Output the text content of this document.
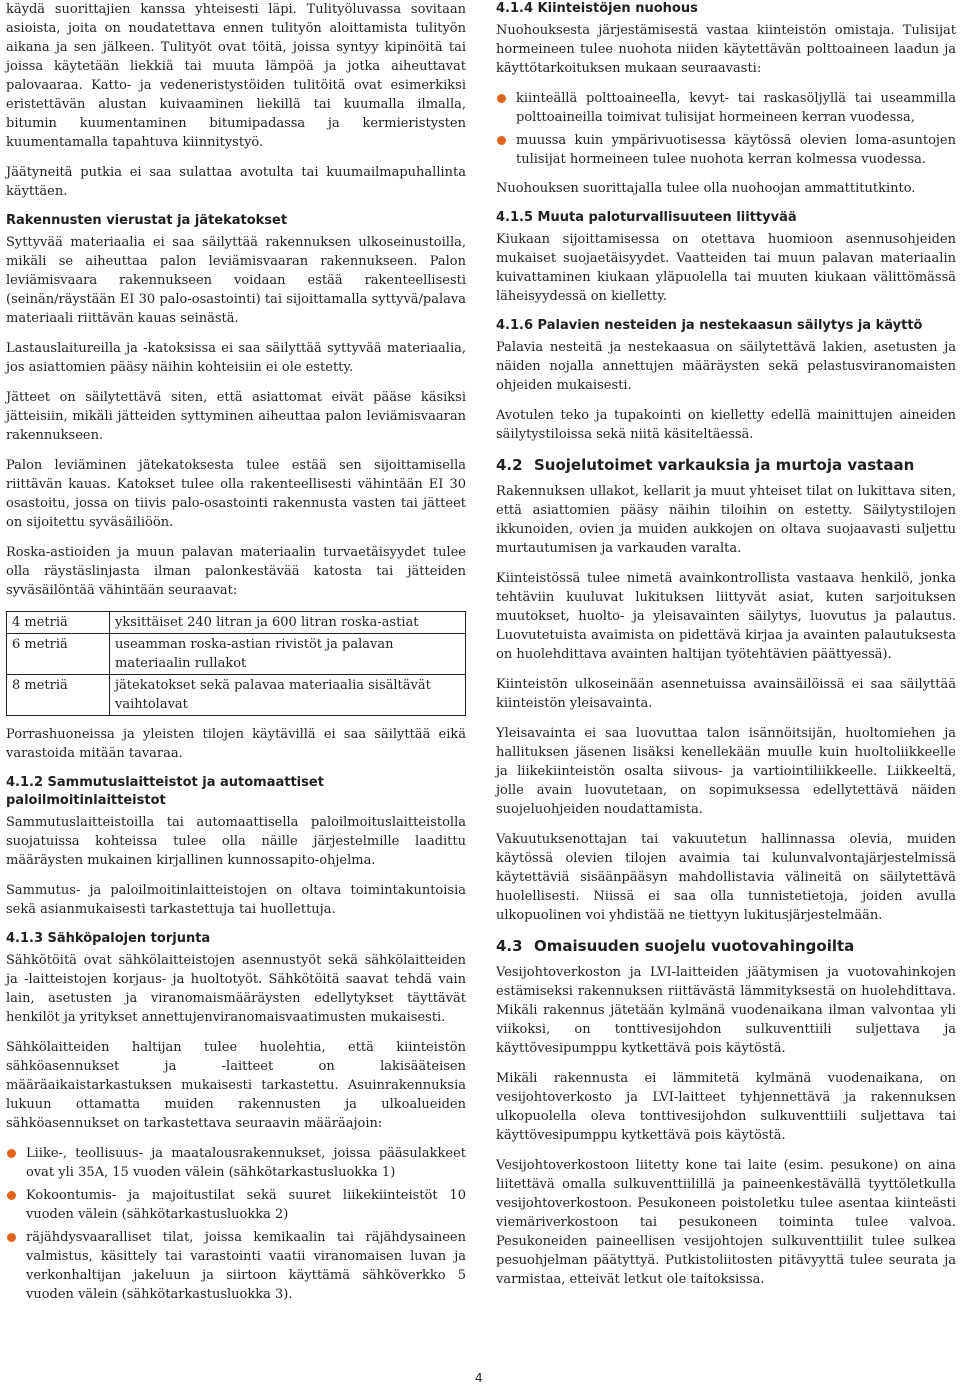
käydä suorittajien kanssa yhteisesti läpi. Tulityöluvassa sovitaan asioista, joita on noudatettava ennen tulityön aloittamista tulityön aikana ja sen jälkeen. Tulityöt ovat töitä, joissa syntyy kipinöitä tai joissa käytetään liekkiä tai muuta lämpöä ja jotka aiheuttavat palovaaraa. Katto- ja vedeneristystöiden tulitöitä ovat esimerkiksi eristettävän alustan kuivaaminen liekillä tai kuumalla ilmalla, bitumin kuumentaminen bitumipadassa ja kermieristysten kuumentamalla tapahtuva kiinnitystyö.

Jäätyneitä putkia ei saa sulattaa avotulta tai kuumailmapuhallinta käyttäen.

Rakennusten vierustat ja jätekatokset

Syttyvää materiaalia ei saa säilyttää rakennuksen ulkoseinustoilla, mikäli se aiheuttaa palon leviämisvaaran rakennukseen. Palon leviämisvaara rakennukseen voidaan estää rakenteellisesti (seinän/räystään EI 30 palo-osastointi) tai sijoittamalla syttyvä/palava materiaali riittävän kauas seinästä.

Lastauslaitureilla ja -katoksissa ei saa säilyttää syttyvää materiaalia, jos asiattomien pääsy näihin kohteisiin ei ole estetty.

Jätteet on säilytettävä siten, että asiattomat eivät pääse käsiksi jätteisiin, mikäli jätteiden syttyminen aiheuttaa palon leviämisvaaran rakennukseen.

Palon leviäminen jätekatoksesta tulee estää sen sijoittamisella riittävän kauas. Katokset tulee olla rakenteellisesti vähintään EI 30 osastoitu, jossa on tiivis palo-osastointi rakennusta vasten tai jätteet on sijoitettu syväsäiliöön.

Roska-astioiden ja muun palavan materiaalin turvaetäisyydet tulee olla räystäslinjasta ilman palonkestävää katosta tai jätteiden syväsäilöntää vähintään seuraavat:

4 metriä	yksittäiset 240 litran ja 600 litran roska-astiat
6 metriä	useamman roska-astian rivistöt ja palavan materiaalin rullakot
8 metriä	jätekatokset sekä palavaa materiaalia sisältävät vaihtolavat

Porrashuoneissa ja yleisten tilojen käytävillä ei saa säilyttää eikä varastoida mitään tavaraa.

4.1.2 Sammutuslaitteistot ja automaattiset paloilmoitinlaitteistot

Sammutuslaitteistoilla tai automaattisella paloilmoituslaitteistolla suojatuissa kohteissa tulee olla näille järjestelmille laadittu määräysten mukainen kirjallinen kunnossapito-ohjelma.

Sammutus- ja paloilmoitinlaitteistojen on oltava toimintakuntoisia sekä asianmukaisesti tarkastettuja tai huollettuja.

4.1.3 Sähköpalojen torjunta

Sähkötöitä ovat sähkölaitteistojen asennustyöt sekä sähkölaitteiden ja -laitteistojen korjaus- ja huoltotyöt. Sähkötöitä saavat tehdä vain lain, asetusten ja viranomaismääräysten edellytykset täyttävät henkilöt ja yritykset annettujenviranomaisvaatimusten mukaisesti.

Sähkölaitteiden haltijan tulee huolehtia, että kiinteistön sähköasennukset ja -laitteet on lakisääteisen määräaikaistarkastuksen mukaisesti tarkastettu. Asuinrakennuksia lukuun ottamatta muiden rakennusten ja ulkoalueiden sähköasennukset on tarkastettava seuraavin määräajoin:

Liike-, teollisuus- ja maatalousrakennukset, joissa pääsulakkeet ovat yli 35A, 15 vuoden välein (sähkötarkastusluokka 1)
Kokoontumis- ja majoitustilat sekä suuret liikekiinteistöt 10 vuoden välein (sähkötarkastusluokka 2)
räjähdysvaaralliset tilat, joissa kemikaalin tai räjähdysaineen valmistus, käsittely tai varastointi vaatii viranomaisen luvan ja verkonhaltijan jakeluun ja siirtoon käyttämä sähköverkko 5 vuoden välein (sähkötarkastusluokka 3).
4.1.4 Kiinteistöjen nuohous

Nuohouksesta järjestämisestä vastaa kiinteistön omistaja. Tulisijat hormeineen tulee nuohota niiden käytettävän polttoaineen laadun ja käyttötarkoituksen mukaan seuraavasti:

kiinteällä polttoaineella, kevyt- tai raskasöljyllä tai useammilla polttoaineilla toimivat tulisijat hormeineen kerran vuodessa,
muussa kuin ympärivuotisessa käytössä olevien loma-asuntojen tulisijat hormeineen tulee nuohota kerran kolmessa vuodessa.

Nuohouksen suorittajalla tulee olla nuohoojan ammattitutkinto.

4.1.5 Muuta paloturvallisuuteen liittyvää

Kiukaan sijoittamisessa on otettava huomioon asennusohjeiden mukaiset suojaetäisyydet. Vaatteiden tai muun palavan materiaalin kuivattaminen kiukaan yläpuolella tai muuten kiukaan välittömässä läheisyydessä on kielletty.

4.1.6 Palavien nesteiden ja nestekaasun säilytys ja käyttö

Palavia nesteitä ja nestekaasua on säilytettävä lakien, asetusten ja näiden nojalla annettujen määräysten sekä pelastusviranomaisten ohjeiden mukaisesti.

Avotulen teko ja tupakointi on kielletty edellä mainittujen aineiden säilytystiloissa sekä niitä käsiteltäessä.

4.2 Suojelutoimet varkauksia ja murtoja vastaan

Rakennuksen ullakot, kellarit ja muut yhteiset tilat on lukittava siten, että asiattomien pääsy näihin tiloihin on estetty. Säilytystilojen ikkunoiden, ovien ja muiden aukkojen on oltava suojaavasti suljettu murtautumisen ja varkauden varalta.

Kiinteistössä tulee nimetä avainkontrollista vastaava henkilö, jonka tehtäviin kuuluvat lukituksen liittyvät asiat, kuten sarjoituksen muutokset, huolto- ja yleisavainten säilytys, luovutus ja palautus. Luovutetuista avaimista on pidettävä kirjaa ja avainten palautuksesta on huolehdittava avainten haltijan työtehtävien päättyessä).

Kiinteistön ulkoseinään asennetuissa avainsäilöissä ei saa säilyttää kiinteistön yleisavainta.

Yleisavainta ei saa luovuttaa talon isännöitsijän, huoltomiehen ja hallituksen jäsenen lisäksi kenellekään muulle kuin huoltoliikkeelle ja liikekiinteistön osalta siivous- ja vartiointiliikkeelle. Liikkeeltä, jolle avain luovutetaan, on sopimuksessa edellytettävä näiden suojeluohjeiden noudattamista.

Vakuutuksenottajan tai vakuutetun hallinnassa olevia, muiden käytössä olevien tilojen avaimia tai kulunvalvontajärjestelmissä käytettäviä sisäänpääsyn mahdollistavia välineitä on säilytettävä huolellisesti. Niissä ei saa olla tunnistetietoja, joiden avulla ulkopuolinen voi yhdistää ne tiettyyn lukitusjärjestelmään.

4.3 Omaisuuden suojelu vuotovahingoilta

Vesijohtoverkoston ja LVI-laitteiden jäätymisen ja vuotovahinkojen estämiseksi rakennuksen riittävästä lämmityksestä on huolehdittava. Mikäli rakennus jätetään kylmänä vuodenaikana ilman valvontaa yli viikoksi, on tonttivesijohdon sulkuventtiili suljettava ja käyttövesipumppu kytkettävä pois käytöstä.

Mikäli rakennusta ei lämmitetä kylmänä vuodenaikana, on vesijohtoverkosto ja LVI-laitteet tyhjennettävä ja rakennuksen ulkopuolella oleva tonttivesijohdon sulkuventtiili suljettava tai käyttövesipumppu kytkettävä pois käytöstä.

Vesijohtoverkostoon liitetty kone tai laite (esim. pesukone) on aina liitettävä omalla sulkuventtiilillä ja paineenkestävällä tyyttöletkulla vesijohtoverkostoon. Pesukoneen poistoletku tulee asentaa kiinteästi viemäriverkostoon tai pesukoneen toiminta tulee valvoa. Pesukoneiden paineellisen vesijohtojen sulkuventtiilit tulee sulkea pesuohjelman päätyttyä. Putkistoliitosten pitävyyttä tulee seurata ja varmistaa, etteivät letkut ole taitoksissa.

4
